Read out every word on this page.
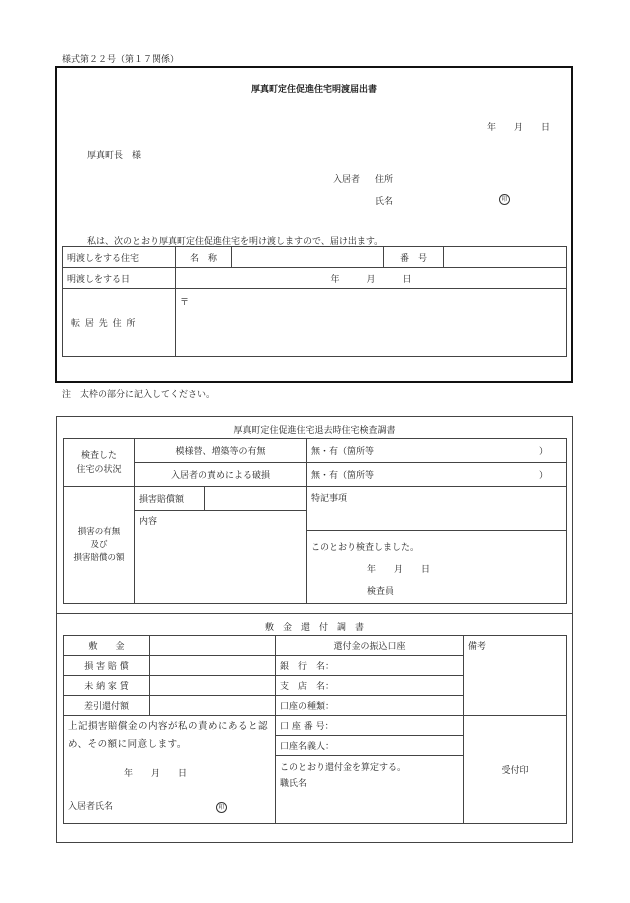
様式第２２号（第１７関係）
厚真町定住促進住宅明渡届出書
年　　月　　日
厚真町長　様
入居者 住所
氏名	印
私は、次のとおり厚真町定住促進住宅を明け渡しますので、届け出ます。
明渡しをする住宅	名　称		番　号	
明渡しをする日	年　　　月　　　日			
転 居 先 住 所	〒			
注　太枠の部分に記入してください。
厚真町定住促進住宅退去時住宅検査調書
検査した
住宅の状況	模様替、増築等の有無		無・有（箇所等 ）

	入居者の責めによる破損		無・有（箇所等 ）

損害の有無
及び
損害賠償の額	損害賠償額		特記事項
	内容		

			このとおり検査しました。
年　　月　　日
検査員
敷　金　還　付　調　書
敷　　金		還付金の振込口座	備考
損 害 賠 償		銀　行　名：	
未 納 家 賃		支　店　名：	
差引還付額		口座の種類：	

上記損害賠償金の内容が私の責めにあると認め、その額に同意します。
年　　月　　日
入居者氏名 印		口 座 番 号：	受付印
		口座名義人：	

		このとおり還付金を算定する。
職氏名	
